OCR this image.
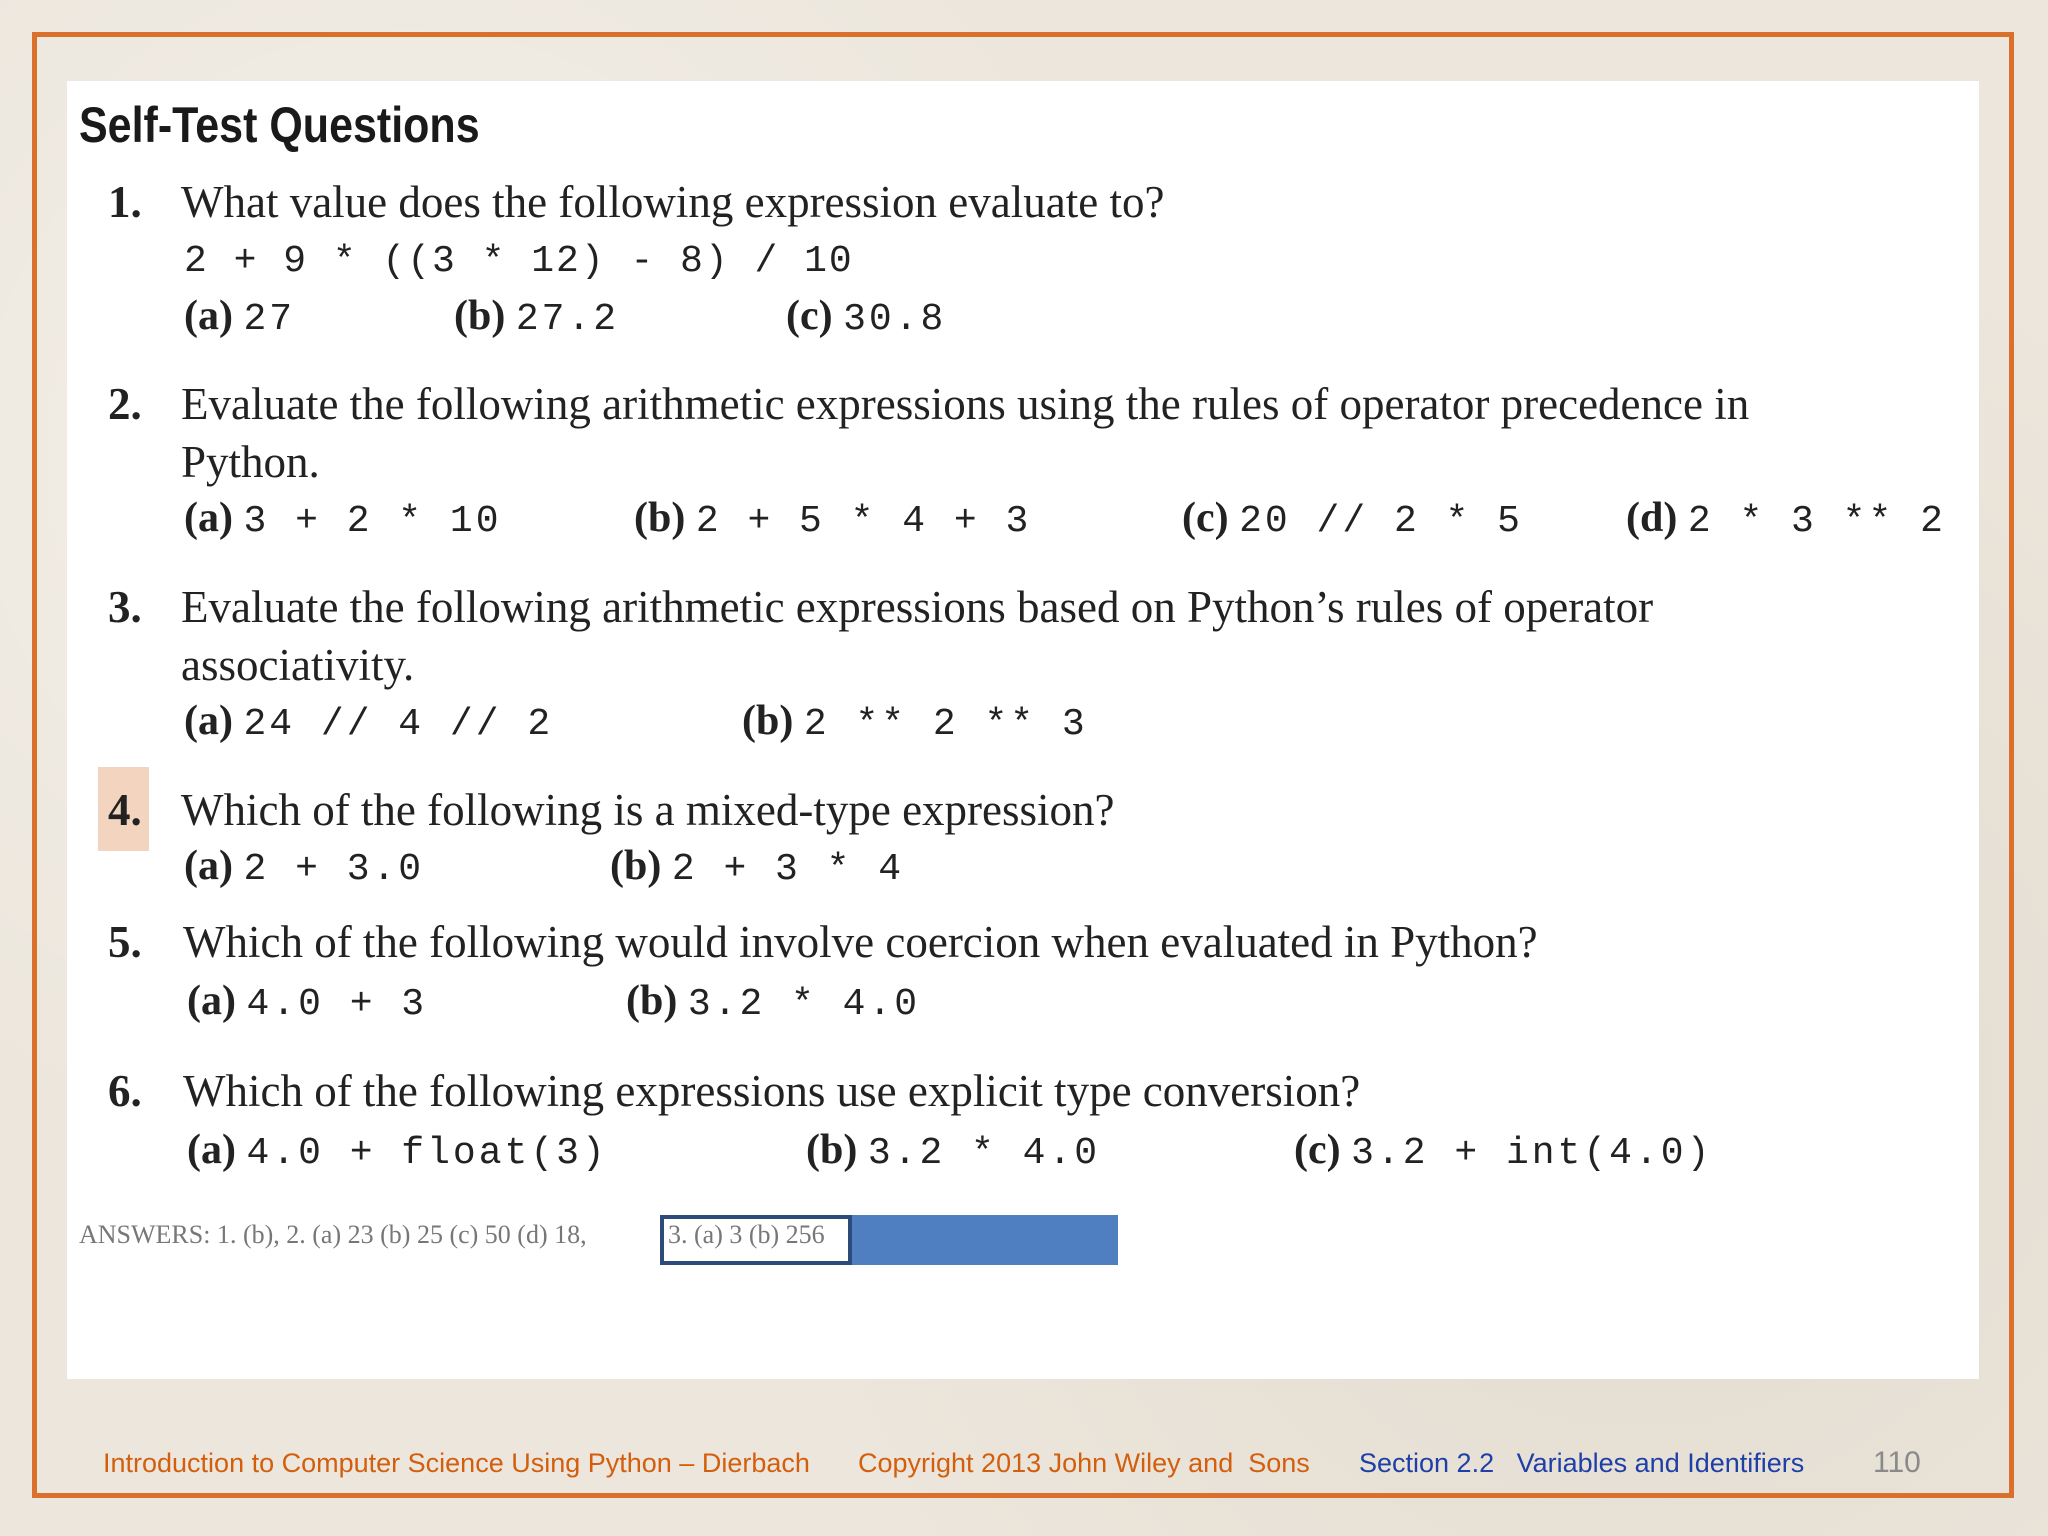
Self-Test Questions
1. What value does the following expression evaluate to?
2 + 9 * ((3 * 12) - 8) / 10
(a) 27	(b) 27.2	(c) 30.8
2. Evaluate the following arithmetic expressions using the rules of operator precedence in
Python.
(a) 3 + 2 * 10	(b) 2 + 5 * 4 + 3	(c) 20 // 2 * 5 (d) 2 * 3 ** 2
3. Evaluate the following arithmetic expressions based on Python’s rules of operator
associativity.
(a) 24 // 4 // 2	(b) 2 ** 2 ** 3
4. Which of the following is a mixed-type expression?
(a) 2 + 3.0	(b) 2 + 3 * 4
5. Which of the following would involve coercion when evaluated in Python?
(a) 4.0 + 3	(b) 3.2 * 4.0
6. Which of the following expressions use explicit type conversion?
(a) 4.0 + float(3)	(b) 3.2 * 4.0	(c) 3.2 + int(4.0)
ANSWERS: 1. (b), 2. (a) 23 (b) 25 (c) 50 (d) 18,	3. (a) 3 (b) 256
Introduction to Computer Science Using Python – Dierbach Copyright 2013 John Wiley and  Sons Section 2.2   Variables and Identifiers 110
